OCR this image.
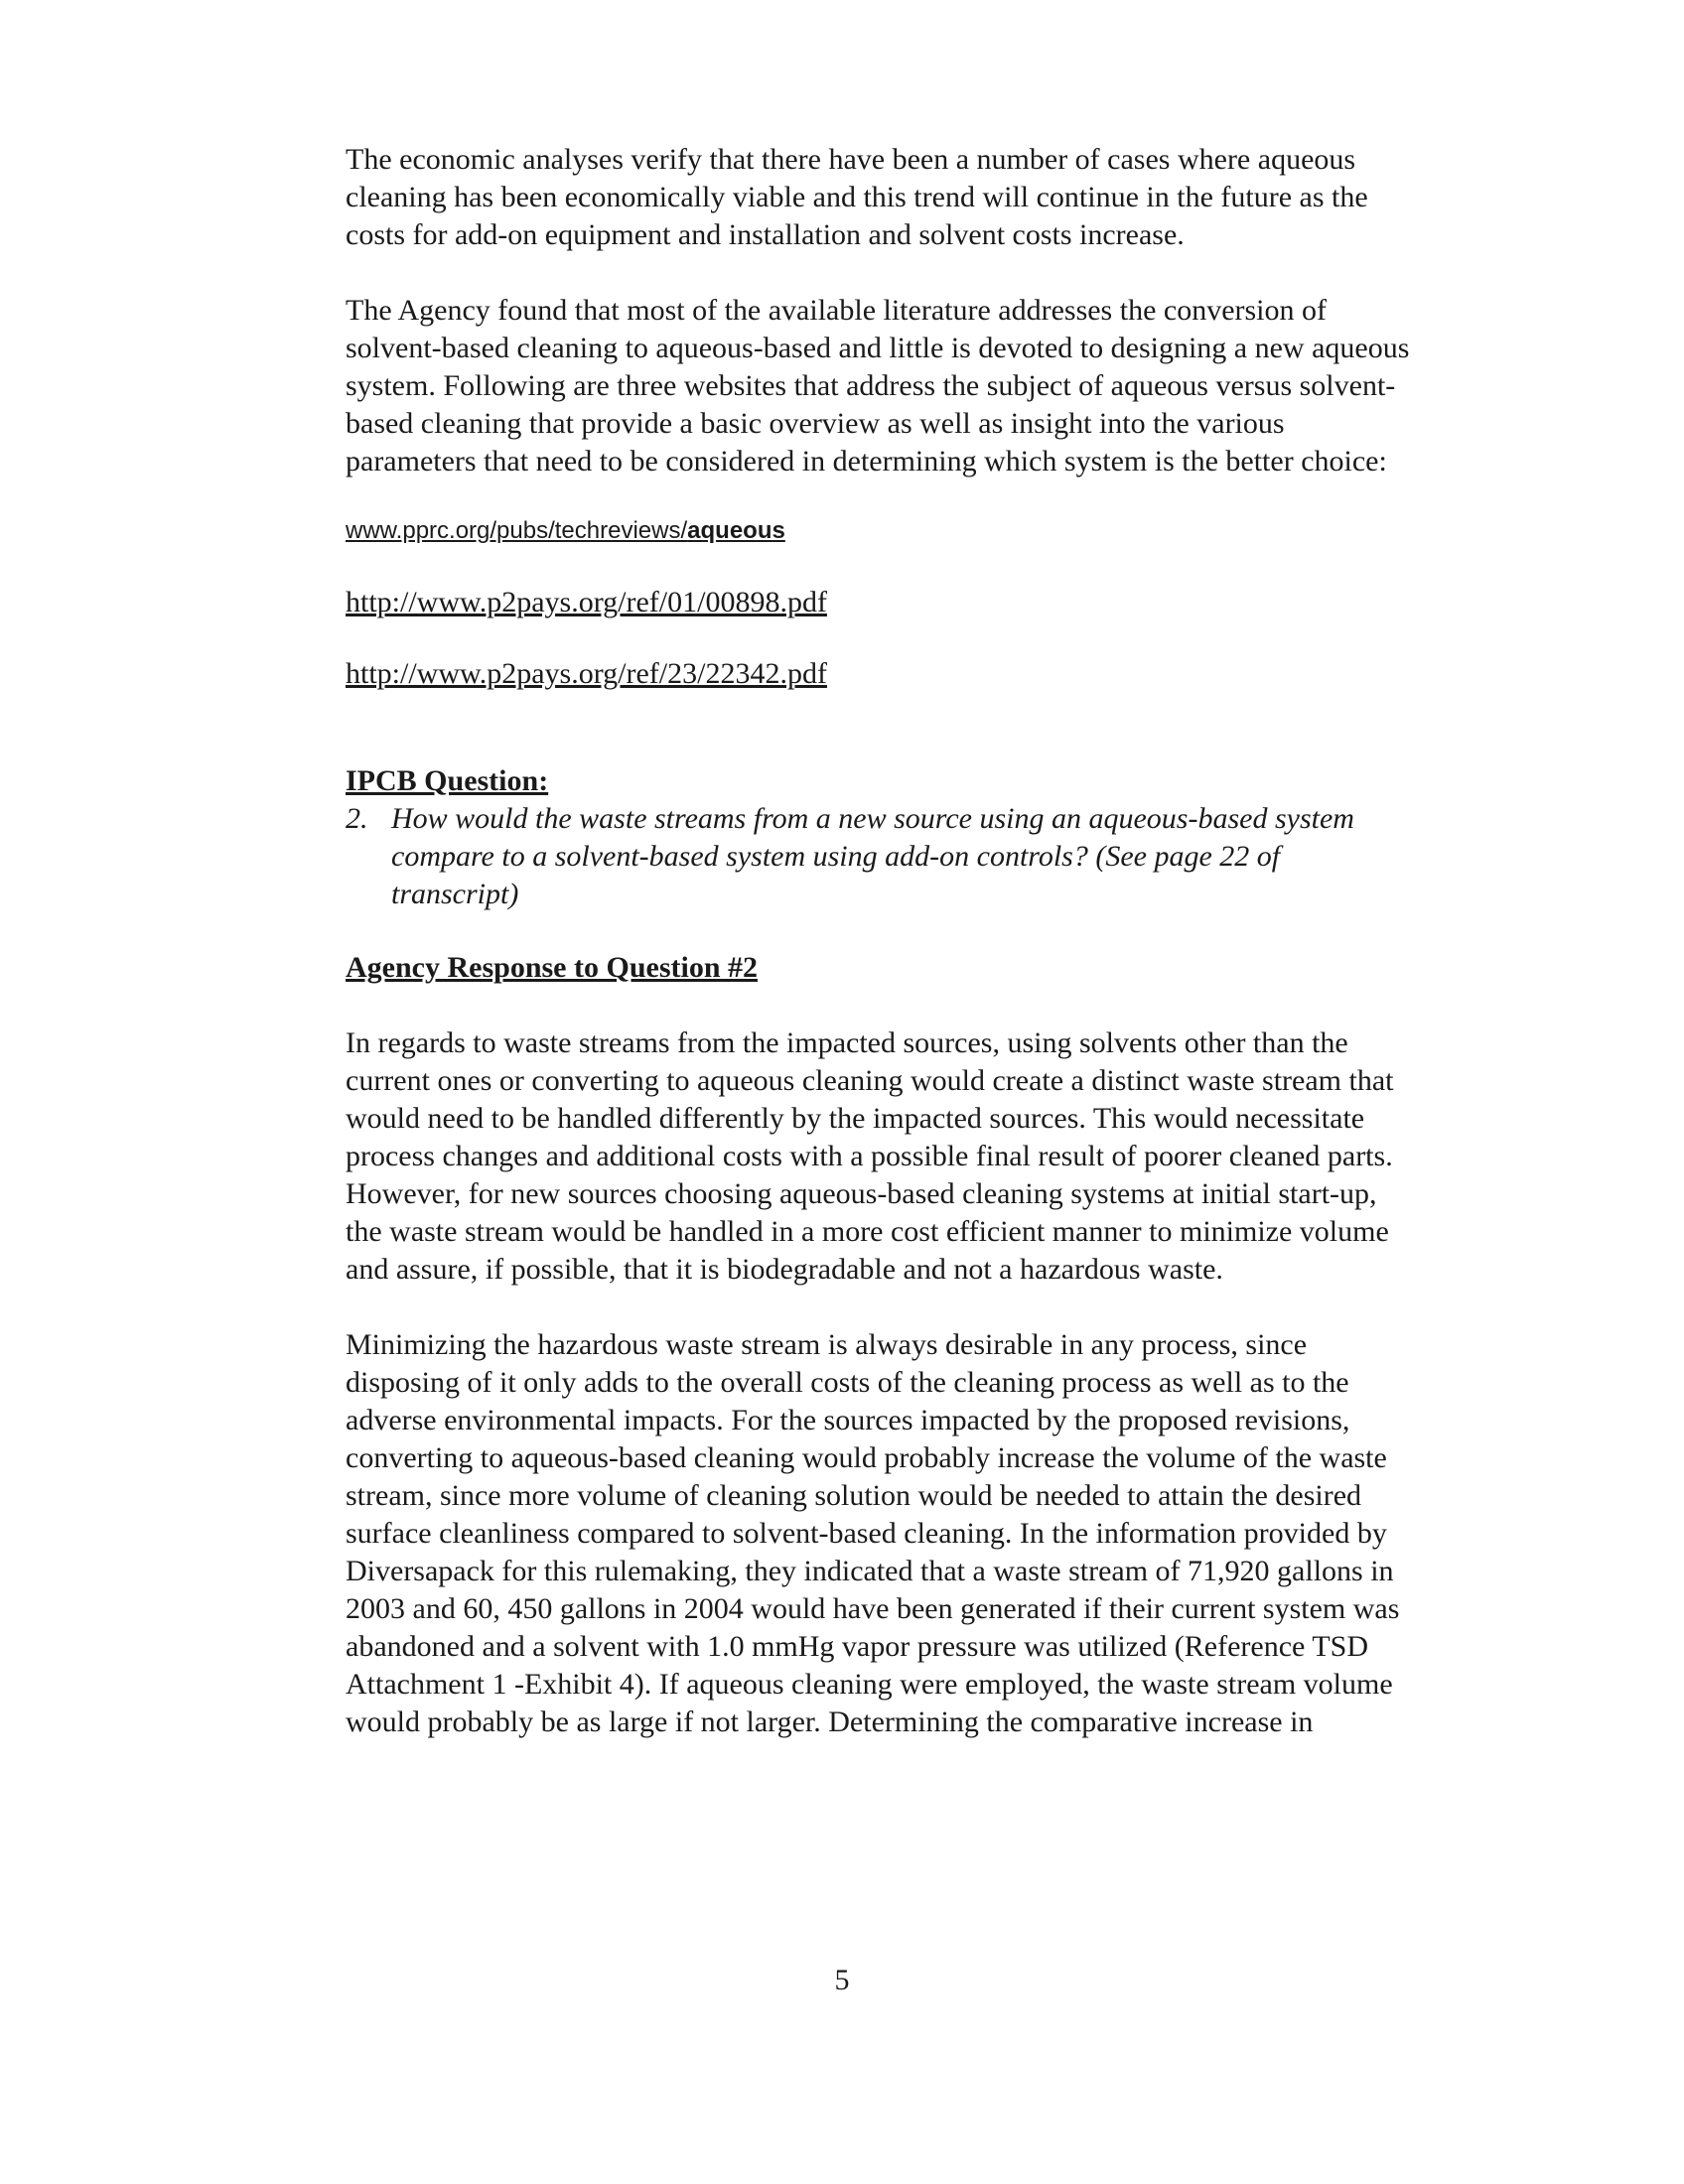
The economic analyses verify that there have been a number of cases where aqueous cleaning has been economically viable and this trend will continue in the future as the costs for add-on equipment and installation and solvent costs increase.

The Agency found that most of the available literature addresses the conversion of solvent-based cleaning to aqueous-based and little is devoted to designing a new aqueous system. Following are three websites that address the subject of aqueous versus solvent-based cleaning that provide a basic overview as well as insight into the various parameters that need to be considered in determining which system is the better choice:

www.pprc.org/pubs/techreviews/aqueous
http://www.p2pays.org/ref/01/00898.pdf
http://www.p2pays.org/ref/23/22342.pdf

IPCB Question:

2. How would the waste streams from a new source using an aqueous-based system compare to a solvent-based system using add-on controls? (See page 22 of transcript)

Agency Response to Question #2

In regards to waste streams from the impacted sources, using solvents other than the current ones or converting to aqueous cleaning would create a distinct waste stream that would need to be handled differently by the impacted sources. This would necessitate process changes and additional costs with a possible final result of poorer cleaned parts. However, for new sources choosing aqueous-based cleaning systems at initial start-up, the waste stream would be handled in a more cost efficient manner to minimize volume and assure, if possible, that it is biodegradable and not a hazardous waste.

Minimizing the hazardous waste stream is always desirable in any process, since disposing of it only adds to the overall costs of the cleaning process as well as to the adverse environmental impacts. For the sources impacted by the proposed revisions, converting to aqueous-based cleaning would probably increase the volume of the waste stream, since more volume of cleaning solution would be needed to attain the desired surface cleanliness compared to solvent-based cleaning. In the information provided by Diversapack for this rulemaking, they indicated that a waste stream of 71,920 gallons in 2003 and 60, 450 gallons in 2004 would have been generated if their current system was abandoned and a solvent with 1.0 mmHg vapor pressure was utilized (Reference TSD Attachment 1 -Exhibit 4). If aqueous cleaning were employed, the waste stream volume would probably be as large if not larger. Determining the comparative increase in

5
